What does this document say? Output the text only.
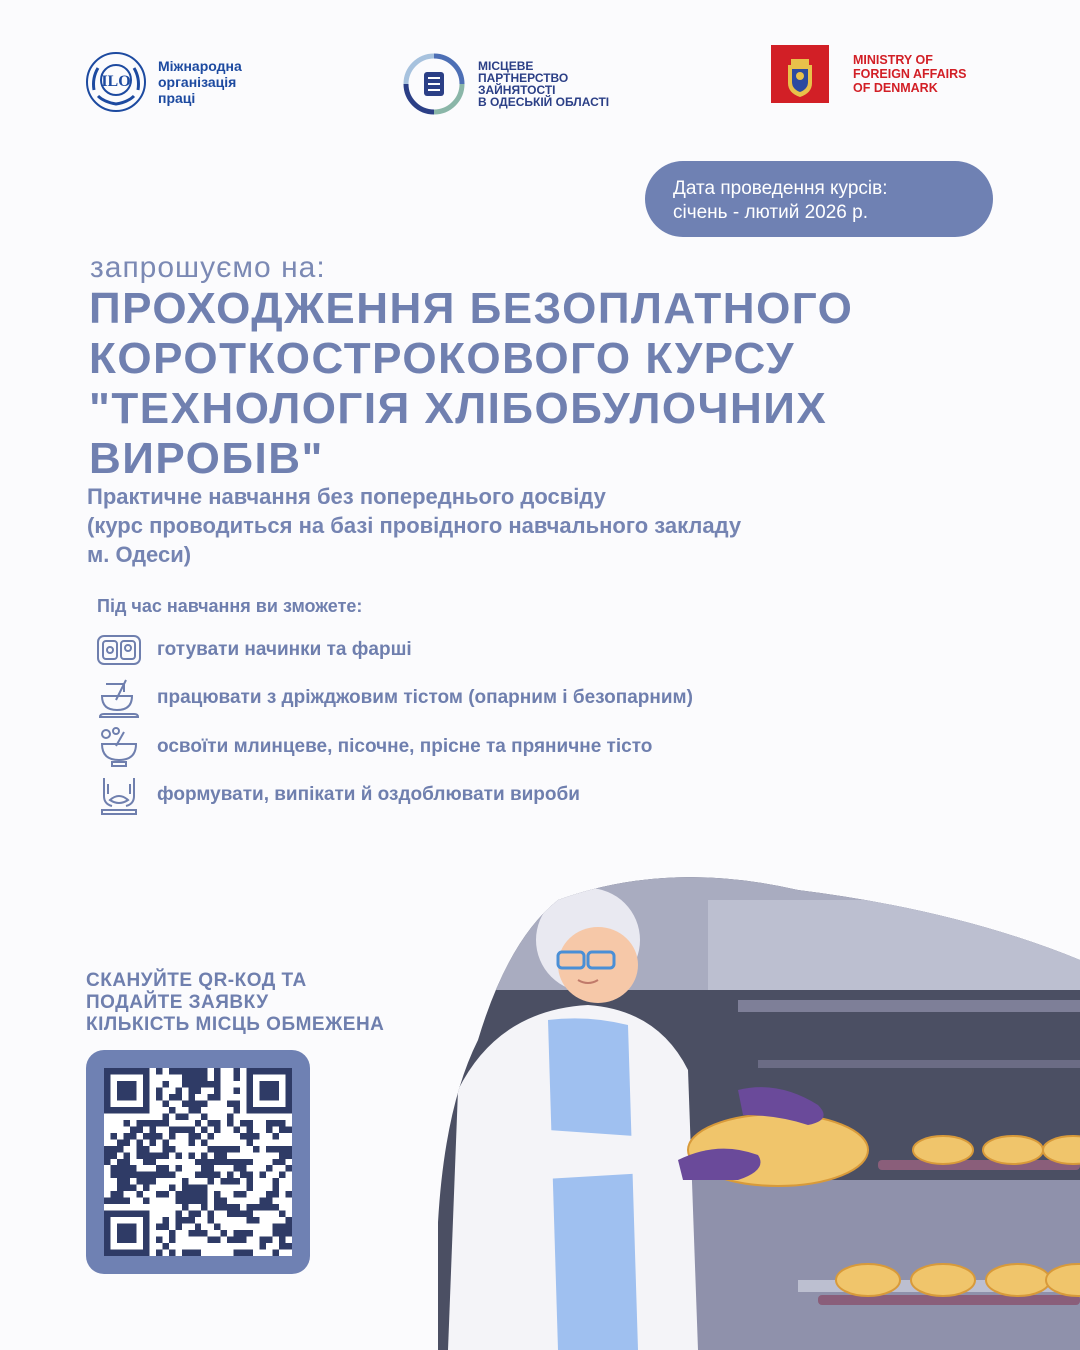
ILO
Міжнародна
організація
праці
МІСЦЕВЕ
ПАРТНЕРСТВО
ЗАЙНЯТОСТІ
В ОДЕСЬКІЙ ОБЛАСТІ
MINISTRY OF
FOREIGN AFFAIRS
OF DENMARK
Дата проведення курсів:
січень - лютий 2026 р.
запрошуємо на:
ПРОХОДЖЕННЯ БЕЗОПЛАТНОГО
КОРОТКОСТРОКОВОГО КУРСУ
"ТЕХНОЛОГІЯ ХЛІБОБУЛОЧНИХ
ВИРОБІВ"
Практичне навчання без попереднього досвіду
(курс проводиться на базі провідного навчального закладу
м. Одеси)
Під час навчання ви зможете:
готувати начинки та фарші
працювати з дріжджовим тістом (опарним і безопарним)
освоїти млинцеве, пісочне, прісне та пряничне тісто
формувати, випікати й оздоблювати вироби
СКАНУЙТЕ QR-КОД ТА
ПОДАЙТЕ ЗАЯВКУ
КІЛЬКІСТЬ МІСЦЬ ОБМЕЖЕНА
